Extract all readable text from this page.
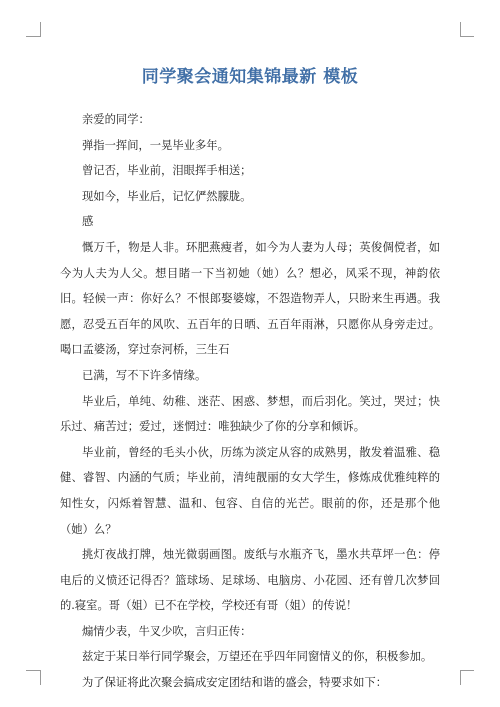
同学聚会通知集锦最新 模板

亲爱的同学：

弹指一挥间，一晃毕业多年。

曾记否，毕业前，泪眼挥手相送；

现如今，毕业后，记忆俨然朦胧。

感

慨万千，物是人非。环肥燕瘦者，如今为人妻为人母；英俊倜傥者，如今为人夫为人父。想目睹一下当初她（她）么？想必，风采不现，神韵依旧。轻候一声：你好么？不恨郎娶婆嫁，不怨造物弄人，只盼来生再遇。我愿，忍受五百年的风吹、五百年的日晒、五百年雨淋，只愿你从身旁走过。喝口孟婆汤，穿过奈河桥，三生石

已满，写不下许多情缘。

毕业后，单纯、幼稚、迷茫、困惑、梦想，而后羽化。笑过，哭过；快乐过、痛苦过；爱过，迷惘过：唯独缺少了你的分享和倾诉。

毕业前，曾经的毛头小伙，历练为淡定从容的成熟男，散发着温雅、稳健、睿智、内涵的气质；毕业前，清纯靓丽的女大学生，修炼成优雅纯粹的知性女，闪烁着智慧、温和、包容、自信的光芒。眼前的你，还是那个他（她）么？

挑灯夜战打牌，烛光微弱画图。废纸与水瓶齐飞，墨水共草坪一色：停电后的义愤还记得否？篮球场、足球场、电脑房、小花园、还有曾几次梦回的.寝室。哥（姐）已不在学校，学校还有哥（姐）的传说！

煽情少表，牛叉少吹，言归正传：

兹定于某日举行同学聚会，万望还在乎四年同窗情义的你，积极参加。

为了保证将此次聚会搞成安定团结和谐的盛会，特要求如下：
